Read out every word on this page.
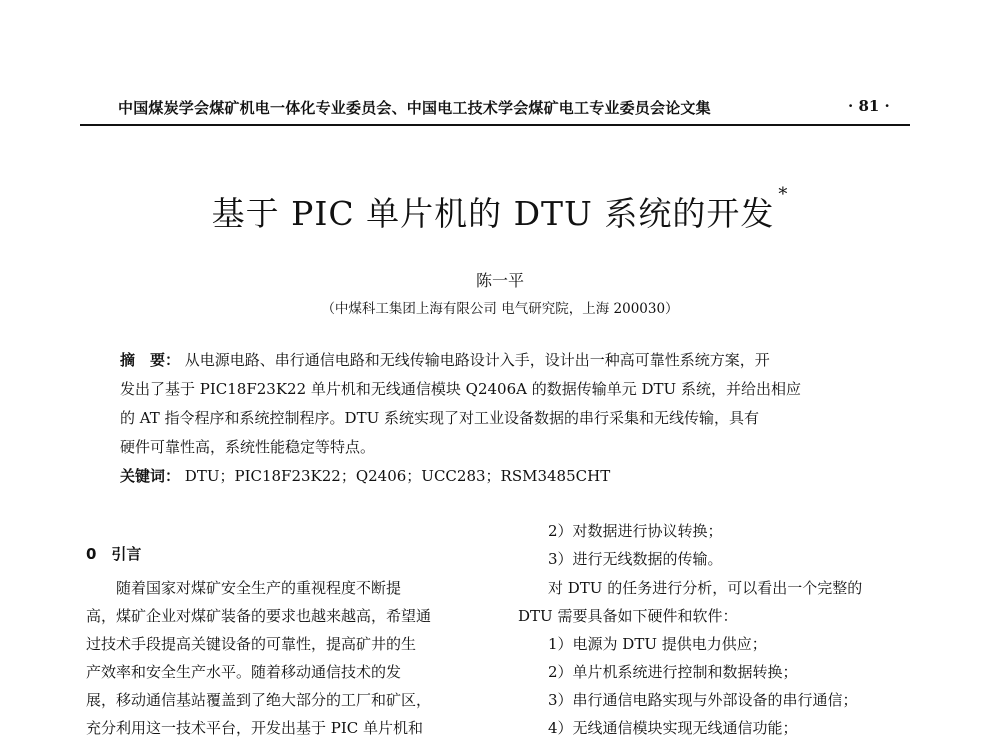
中国煤炭学会煤矿机电一体化专业委员会、中国电工技术学会煤矿电工专业委员会论文集	· 81 ·
基于 PIC 单片机的 DTU 系统的开发 *
陈一平
（中煤科工集团上海有限公司 电气研究院，上海 200030）
摘　要： 从电源电路、串行通信电路和无线传输电路设计入手，设计出一种高可靠性系统方案，开
发出了基于 PIC18F23K22 单片机和无线通信模块 Q2406A 的数据传输单元 DTU 系统，并给出相应
的 AT 指令程序和系统控制程序。DTU 系统实现了对工业设备数据的串行采集和无线传输，具有
硬件可靠性高，系统性能稳定等特点。
关键词： DTU；PIC18F23K22；Q2406；UCC283；RSM3485CHT
0　引言
随着国家对煤矿安全生产的重视程度不断提
高，煤矿企业对煤矿装备的要求也越来越高，希望通
过技术手段提高关键设备的可靠性，提高矿井的生
产效率和安全生产水平。随着移动通信技术的发
展，移动通信基站覆盖到了绝大部分的工厂和矿区，
充分利用这一技术平台，开发出基于 PIC 单片机和
2）对数据进行协议转换；
3）进行无线数据的传输。
对 DTU 的任务进行分析，可以看出一个完整的
DTU 需要具备如下硬件和软件：
1）电源为 DTU 提供电力供应；
2）单片机系统进行控制和数据转换；
3）串行通信电路实现与外部设备的串行通信；
4）无线通信模块实现无线通信功能；
